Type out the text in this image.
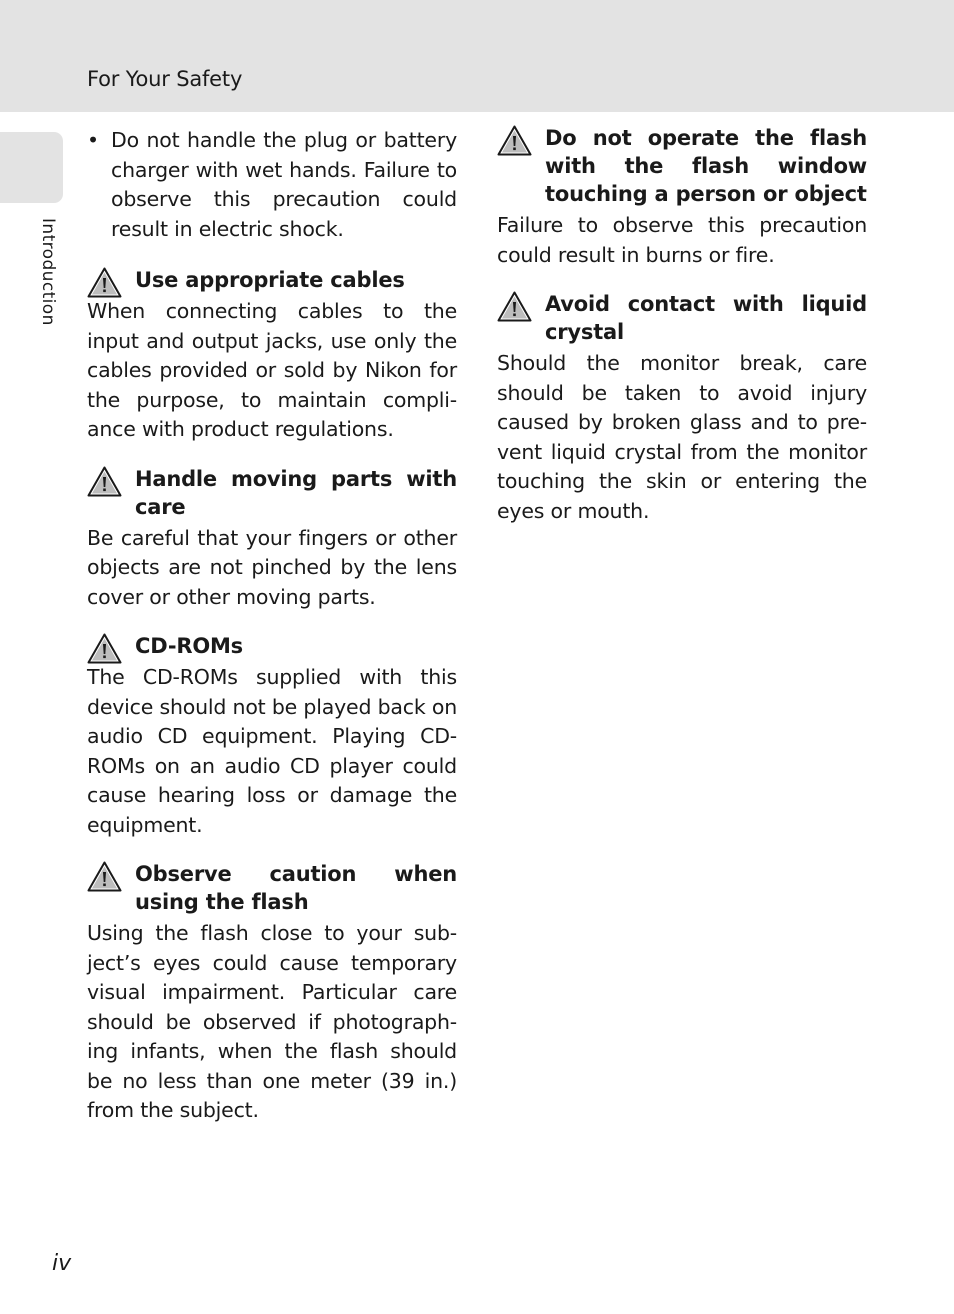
For Your Safety
Introduction
• Do not handle the plug or battery charger with wet hands. Failure to observe this precaution could result in electric shock.
Use appropriate cables
When connecting cables to the input and output jacks, use only the cables provided or sold by Nikon for the purpose, to maintain compli-ance with product regulations.
Handle moving parts with care
Be careful that your fingers or other objects are not pinched by the lens cover or other moving parts.
CD-ROMs
The CD-ROMs supplied with this device should not be played back on audio CD equipment. Playing CD-ROMs on an audio CD player could cause hearing loss or damage the equipment.
Observe caution when using the flash
Using the flash close to your sub-ject’s eyes could cause temporary visual impairment. Particular care should be observed if photograph-ing infants, when the flash should be no less than one meter (39 in.) from the subject.
Do not operate the flash with the flash window touching a person or object
Failure to observe this precaution could result in burns or fire.
Avoid contact with liquid crystal
Should the monitor break, care should be taken to avoid injury caused by broken glass and to pre-vent liquid crystal from the monitor touching the skin or entering the eyes or mouth.
iv
